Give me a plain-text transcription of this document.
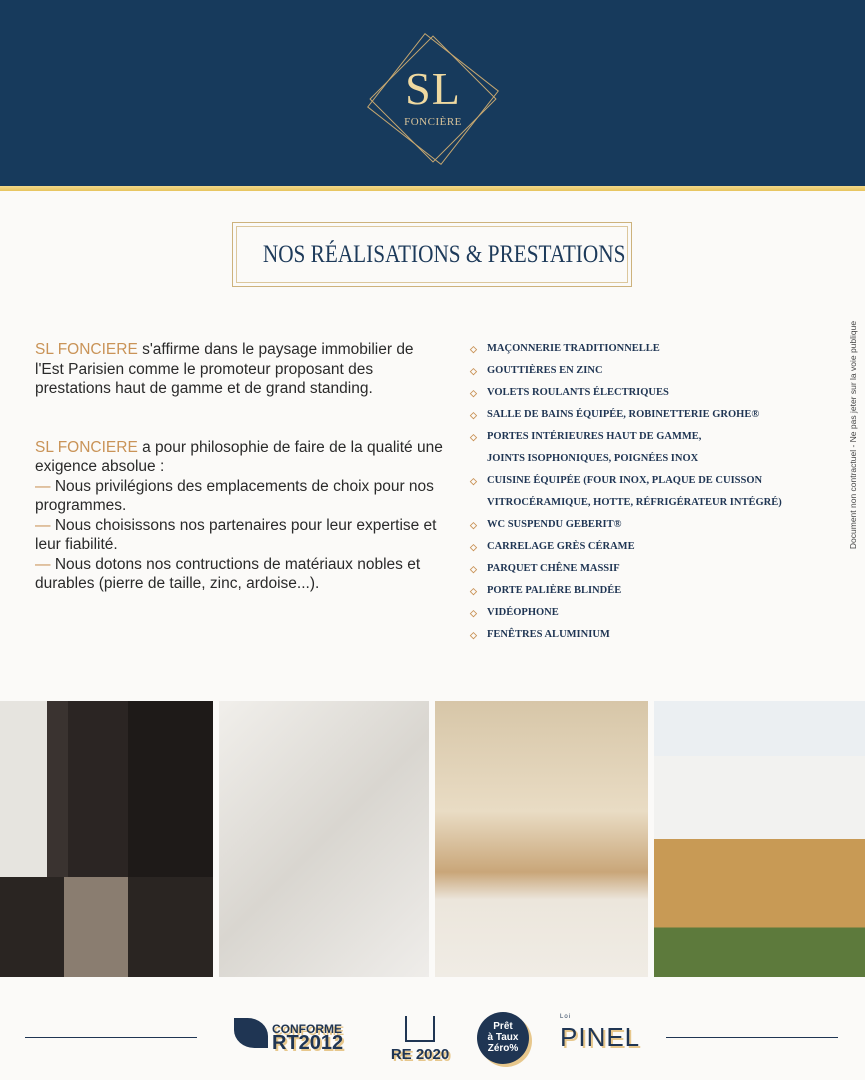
SL
FONCIÈRE
NOS RÉALISATIONS & PRESTATIONS

SL FONCIERE s'affirme dans le paysage immobilier de l'Est Parisien comme le promoteur proposant des prestations haut de gamme et de grand standing.

SL FONCIERE a pour philosophie de faire de la qualité une exigence absolue :
— Nous privilégions des emplacements de choix pour nos programmes.
— Nous choisissons nos partenaires pour leur expertise et leur fiabilité.
— Nous dotons nos contructions de matériaux nobles et durables (pierre de taille, zinc, ardoise...).
◇ MAÇONNERIE TRADITIONNELLE
◇ GOUTTIÈRES EN ZINC
◇ VOLETS ROULANTS ÉLECTRIQUES
◇ SALLE DE BAINS ÉQUIPÉE, ROBINETTERIE GROHE®
◇ PORTES INTÉRIEURES HAUT DE GAMME,
JOINTS ISOPHONIQUES, POIGNÉES INOX
◇ CUISINE ÉQUIPÉE (FOUR INOX, PLAQUE DE CUISSON
VITROCÉRAMIQUE, HOTTE, RÉFRIGÉRATEUR INTÉGRÉ)
◇ WC SUSPENDU GEBERIT®
◇ CARRELAGE GRÈS CÉRAME
◇ PARQUET CHÊNE MASSIF
◇ PORTE PALIÈRE BLINDÉE
◇ VIDÉOPHONE
◇ FENÊTRES ALUMINIUM
Document non contractuel - Ne pas jeter sur la voie publique
CONFORME
RT2012
RE 2020
Prêt
à Taux
Zéro%
Loi
PINEL
